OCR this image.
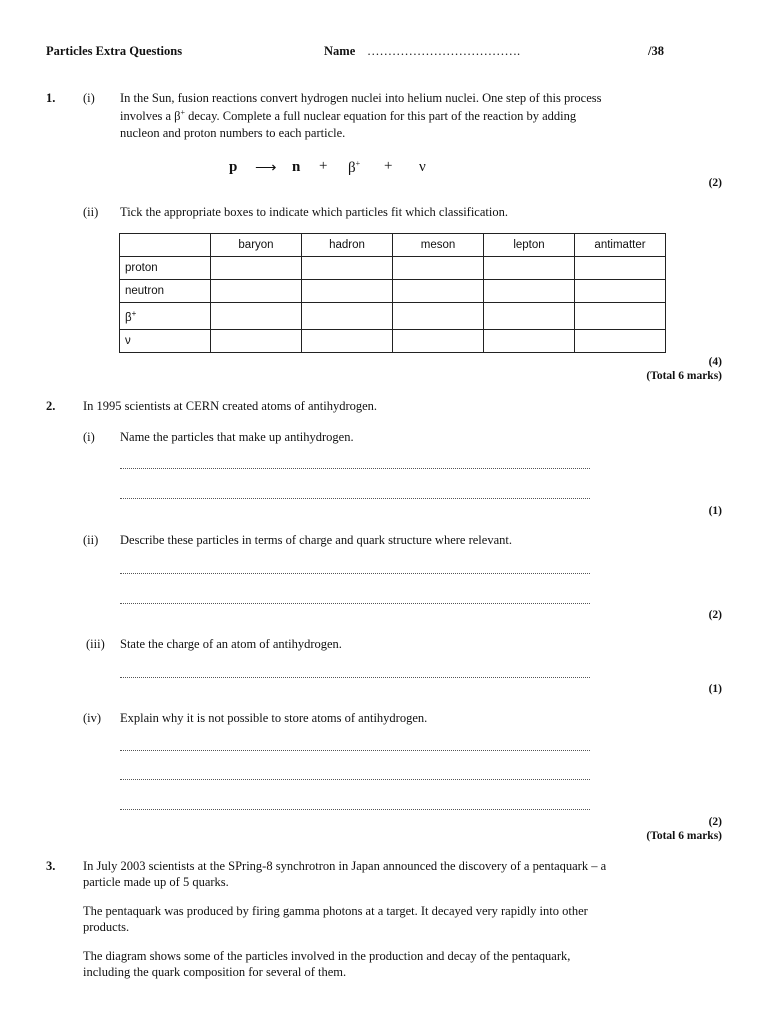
Particles Extra Questions	Name ……………………………….	/38
1. (i) In the Sun, fusion reactions convert hydrogen nuclei into helium nuclei. One step of this process
involves a β+ decay. Complete a full nuclear equation for this part of the reaction by adding
nucleon and proton numbers to each particle.
p ⟶ n + β+ + ν
(2)
(ii) Tick the appropriate boxes to indicate which particles fit which classification.
	baryon	hadron	meson	lepton	antimatter
proton					
neutron					
β+					
ν					
(4)
(Total 6 marks)
2. In 1995 scientists at CERN created atoms of antihydrogen.
(i) Name the particles that make up antihydrogen.
(1)
(ii) Describe these particles in terms of charge and quark structure where relevant.
(2)
(iii) State the charge of an atom of antihydrogen.
(1)
(iv) Explain why it is not possible to store atoms of antihydrogen.
(2)
(Total 6 marks)
3. In July 2003 scientists at the SPring-8 synchrotron in Japan announced the discovery of a pentaquark – a
particle made up of 5 quarks.
The pentaquark was produced by firing gamma photons at a target. It decayed very rapidly into other
products.
The diagram shows some of the particles involved in the production and decay of the pentaquark,
including the quark composition for several of them.
